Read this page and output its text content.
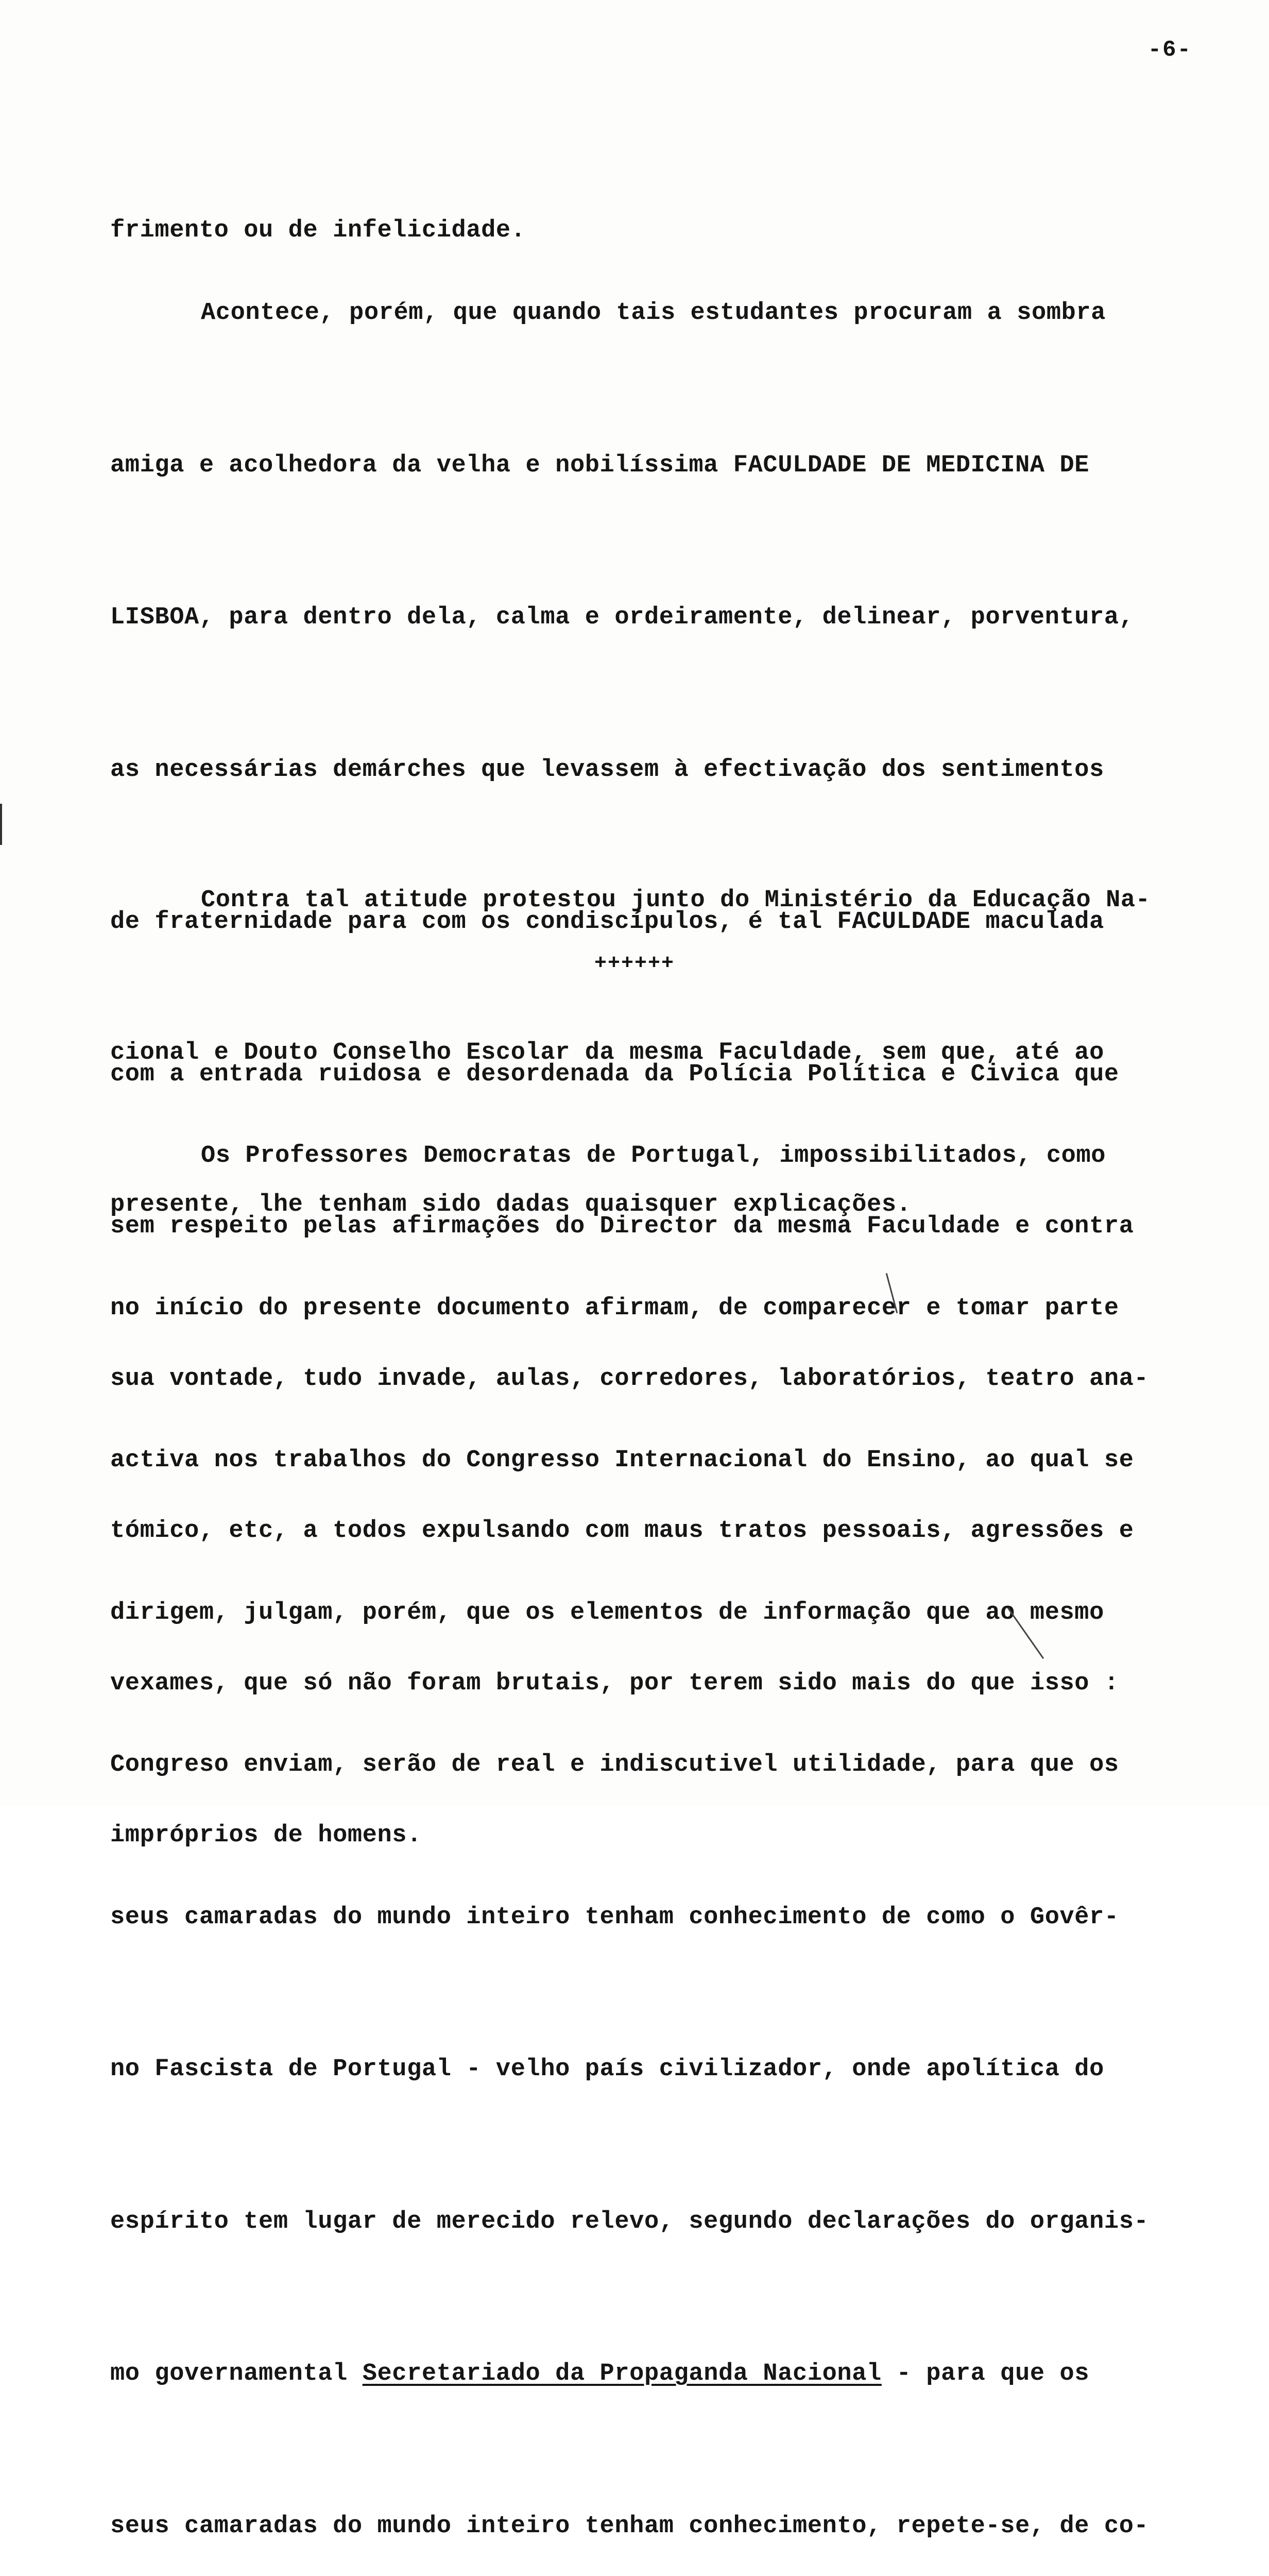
-6-

frimento ou de infelicidade.

Acontece, porém, que quando tais estudantes procuram a sombra

amiga e acolhedora da velha e nobilíssima FACULDADE DE MEDICINA DE

LISBOA, para dentro dela, calma e ordeiramente, delinear, porventura,

as necessárias demárches que levassem à efectivação dos sentimentos

de fraternidade para com os condiscípulos, é tal FACULDADE maculada

com a entrada ruidosa e desordenada da Polícia Política e Civica que

sem respeito pelas afirmações do Director da mesma Faculdade e contra

sua vontade, tudo invade, aulas, corredores, laboratórios, teatro ana-

tómico, etc, a todos expulsando com maus tratos pessoais, agressões e

vexames, que só não foram brutais, por terem sido mais do que isso :

impróprios de homens.

Contra tal atitude protestou junto do Ministério da Educação Na-

cional e Douto Conselho Escolar da mesma Faculdade, sem que, até ao

presente, lhe tenham sido dadas quaisquer explicações.

++++++

Os Professores Democratas de Portugal, impossibilitados, como

no início do presente documento afirmam, de comparecer e tomar parte

activa nos trabalhos do Congresso Internacional do Ensino, ao qual se

dirigem, julgam, porém, que os elementos de informação que ao mesmo

Congreso enviam, serão de real e indiscutivel utilidade, para que os

seus camaradas do mundo inteiro tenham conhecimento de como o Govêr-

no Fascista de Portugal - velho país civilizador, onde apolítica do

espírito tem lugar de merecido relevo, segundo declarações do organis-

mo governamental Secretariado da Propaganda Nacional - para que os

seus camaradas do mundo inteiro tenham conhecimento, repete-se, de co-
